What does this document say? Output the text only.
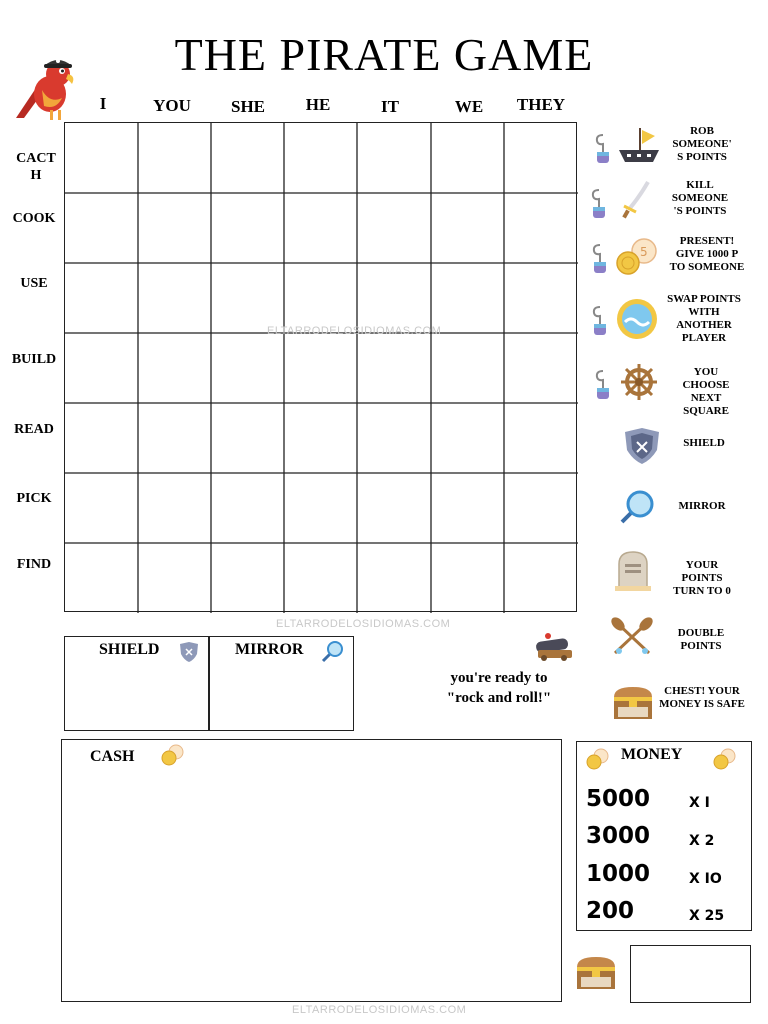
THE PIRATE GAME
I	YOU	SHE	HE	IT	WE	THEY
CACTH
COOK
USE
BUILD
READ
PICK
FIND
ELTARRODELOSIDIOMAS.COM
ELTARRODELOSIDIOMAS.COM
5
ROB SOMEONE' S POINTS
KILL SOMEONE 'S POINTS
PRESENT! GIVE 1000 P TO SOMEONE
SWAP POINTS WITH ANOTHER PLAYER
YOU CHOOSE NEXT SQUARE
SHIELD
MIRROR
YOUR POINTS TURN TO 0
DOUBLE POINTS
CHEST! YOUR MONEY IS SAFE
you're ready to
"rock and roll!"
SHIELD	MIRROR
CASH	MONEY
5000	X I
3000	X 2
1000	X IO
200	X 25
ELTARRODELOSIDIOMAS.COM
